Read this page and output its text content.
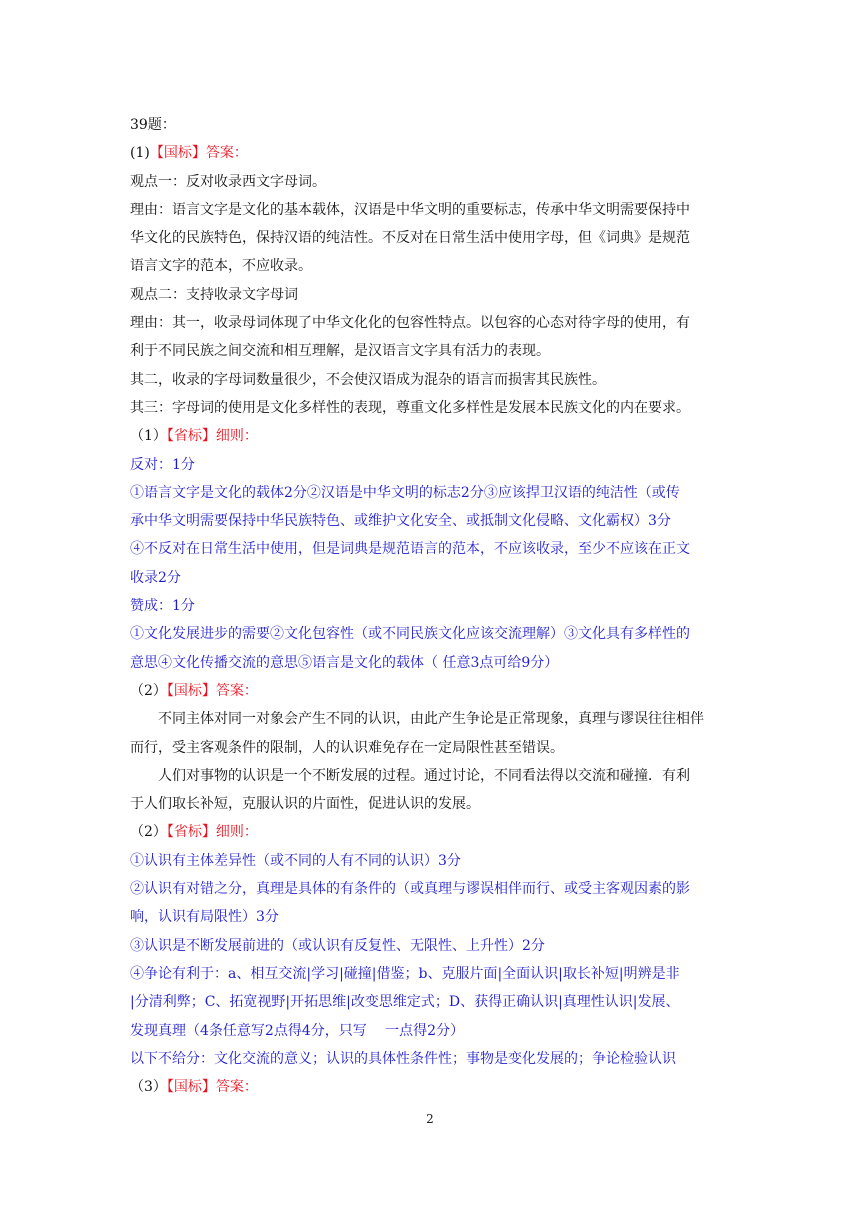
39题：
(1)【国标】答案：
观点一：反对收录西文字母词。
理由：语言文字是文化的基本载体，汉语是中华文明的重要标志，传承中华文明需要保持中
华文化的民族特色，保持汉语的纯洁性。不反对在日常生活中使用字母，但《词典》是规范
语言文字的范本，不应收录。
观点二：支持收录文字母词
理由：其一，收录母词体现了中华文化化的包容性特点。以包容的心态对待字母的使用，有
利于不同民族之间交流和相互理解，是汉语言文字具有活力的表现。
其二，收录的字母词数量很少，不会使汉语成为混杂的语言而损害其民族性。
其三：字母词的使用是文化多样性的表现，尊重文化多样性是发展本民族文化的内在要求。
（1）【省标】细则：
反对：1分
①语言文字是文化的载体2分②汉语是中华文明的标志2分③应该捍卫汉语的纯洁性（或传
承中华文明需要保持中华民族特色、或维护文化安全、或抵制文化侵略、文化霸权）3分
④不反对在日常生活中使用，但是词典是规范语言的范本，不应该收录，至少不应该在正文
收录2分
赞成：1分
①文化发展进步的需要②文化包容性（或不同民族文化应该交流理解）③文化具有多样性的
意思④文化传播交流的意思⑤语言是文化的载体（ 任意3点可给9分）
（2）【国标】答案：
不同主体对同一对象会产生不同的认识，由此产生争论是正常现象，真理与谬误往往相伴
而行，受主客观条件的限制，人的认识难免存在一定局限性甚至错误。
人们对事物的认识是一个不断发展的过程。通过讨论，不同看法得以交流和碰撞．有利
于人们取长补短，克服认识的片面性，促进认识的发展。
（2）【省标】细则：
①认识有主体差异性（或不同的人有不同的认识）3分
②认识有对错之分，真理是具体的有条件的（或真理与谬误相伴而行、或受主客观因素的影
响，认识有局限性）3分
③认识是不断发展前进的（或认识有反复性、无限性、上升性）2分
④争论有利于：a、相互交流|学习|碰撞|借鉴；b、克服片面|全面认识|取长补短|明辨是非
|分清利弊；C、拓宽视野|开拓思维|改变思维定式；D、获得正确认识|真理性认识|发展、
发现真理（4条任意写2点得4分，只写　 一点得2分）
以下不给分：文化交流的意义；认识的具体性条件性；事物是变化发展的；争论检验认识
（3）【国标】答案：
2
